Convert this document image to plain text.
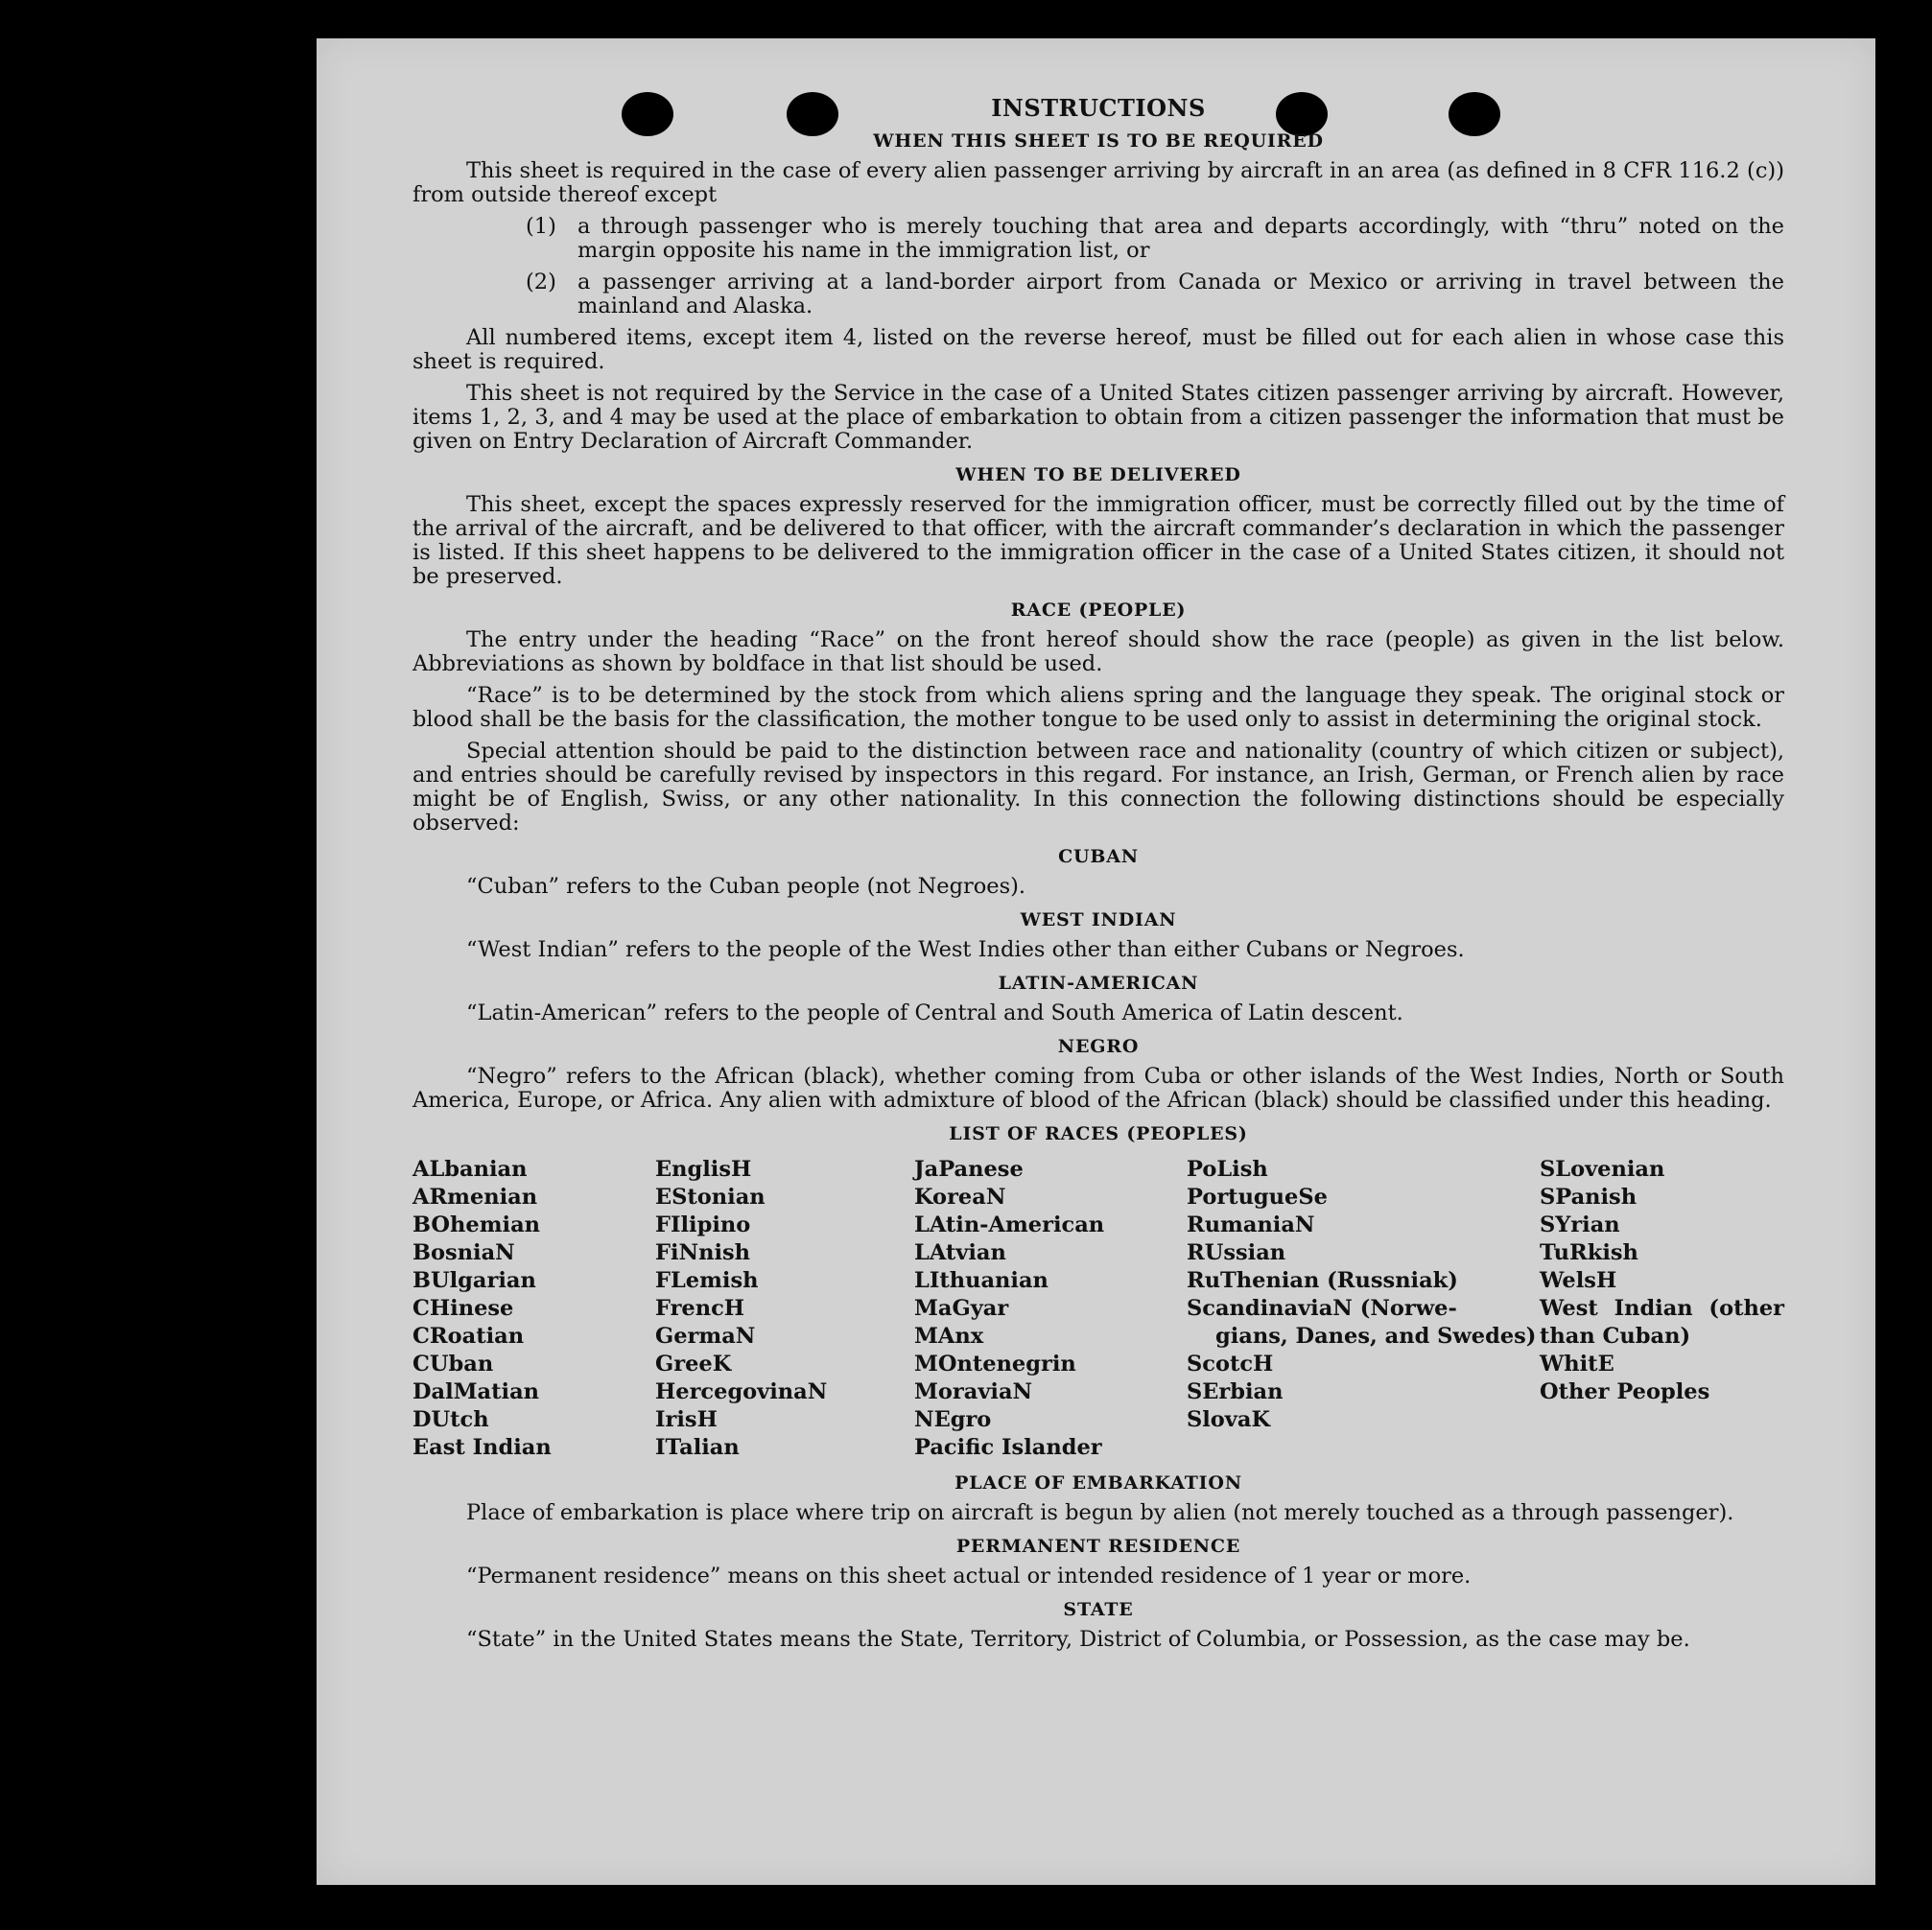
INSTRUCTIONS
WHEN THIS SHEET IS TO BE REQUIRED
This sheet is required in the case of every alien passenger arriving by aircraft in an area (as defined in 8 CFR 116.2 (c)) from outside thereof except
(1) a through passenger who is merely touching that area and departs accordingly, with “thru” noted on the margin opposite his name in the immigration list, or
(2) a passenger arriving at a land-border airport from Canada or Mexico or arriving in travel between the mainland and Alaska.
All numbered items, except item 4, listed on the reverse hereof, must be filled out for each alien in whose case this sheet is required.
This sheet is not required by the Service in the case of a United States citizen passenger arriving by aircraft. However, items 1, 2, 3, and 4 may be used at the place of embarkation to obtain from a citizen passenger the information that must be given on Entry Declaration of Aircraft Commander.
WHEN TO BE DELIVERED
This sheet, except the spaces expressly reserved for the immigration officer, must be correctly filled out by the time of the arrival of the aircraft, and be delivered to that officer, with the aircraft commander’s declaration in which the passenger is listed. If this sheet happens to be delivered to the immigration officer in the case of a United States citizen, it should not be preserved.
RACE (PEOPLE)
The entry under the heading “Race” on the front hereof should show the race (people) as given in the list below. Abbreviations as shown by boldface in that list should be used.
“Race” is to be determined by the stock from which aliens spring and the language they speak. The original stock or blood shall be the basis for the classification, the mother tongue to be used only to assist in determining the original stock.
Special attention should be paid to the distinction between race and nationality (country of which citizen or subject), and entries should be carefully revised by inspectors in this regard. For instance, an Irish, German, or French alien by race might be of English, Swiss, or any other nationality. In this connection the following distinctions should be especially observed:
CUBAN
“Cuban” refers to the Cuban people (not Negroes).
WEST INDIAN
“West Indian” refers to the people of the West Indies other than either Cubans or Negroes.
LATIN-AMERICAN
“Latin-American” refers to the people of Central and South America of Latin descent.
NEGRO
“Negro” refers to the African (black), whether coming from Cuba or other islands of the West Indies, North or South America, Europe, or Africa. Any alien with admixture of blood of the African (black) should be classified under this heading.
LIST OF RACES (PEOPLES)
ALbanian
ARmenian
BOhemian
BosniaN
BUlgarian
CHinese
CRoatian
CUban
DalMatian
DUtch
East Indian
EnglisH
EStonian
FIlipino
FiNnish
FLemish
FrencH
GermaN
GreeK
HercegovinaN
IrisH
ITalian
JaPanese
KoreaN
LAtin-American
LAtvian
LIthuanian
MaGyar
MAnx
MOntenegrin
MoraviaN
NEgro
Pacific Islander
PoLish
PortugueSe
RumaniaN
RUssian
RuThenian (Russniak)
ScandinaviaN (Norwe-
gians, Danes, and Swedes)
ScotcH
SErbian
SlovaK
SLovenian
SPanish
SYrian
TuRkish
WelsH
West Indian (other than Cuban)
WhitE
Other Peoples
PLACE OF EMBARKATION
Place of embarkation is place where trip on aircraft is begun by alien (not merely touched as a through passenger).
PERMANENT RESIDENCE
“Permanent residence” means on this sheet actual or intended residence of 1 year or more.
STATE
“State” in the United States means the State, Territory, District of Columbia, or Possession, as the case may be.
